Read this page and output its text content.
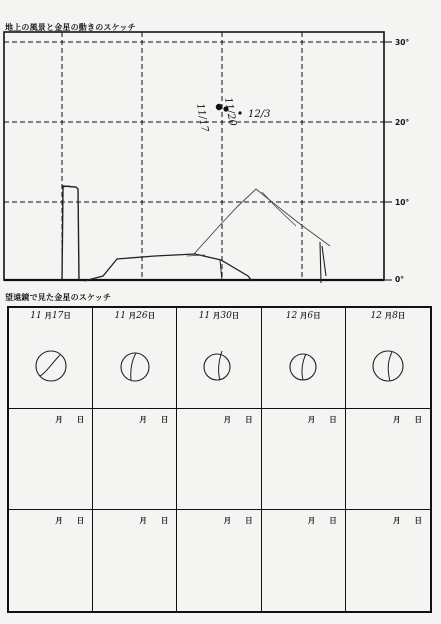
地上の風景と金星の動きのスケッチ
11/17 11/20 12/3
30°
20°
10°
0°
望遠鏡で見た金星のスケッチ
11 月17日	11 月26日	11 月30日	12 月6日	12 月8日
月 日	月 日	月 日	月 日	月 日
月 日	月 日	月 日	月 日	月 日
